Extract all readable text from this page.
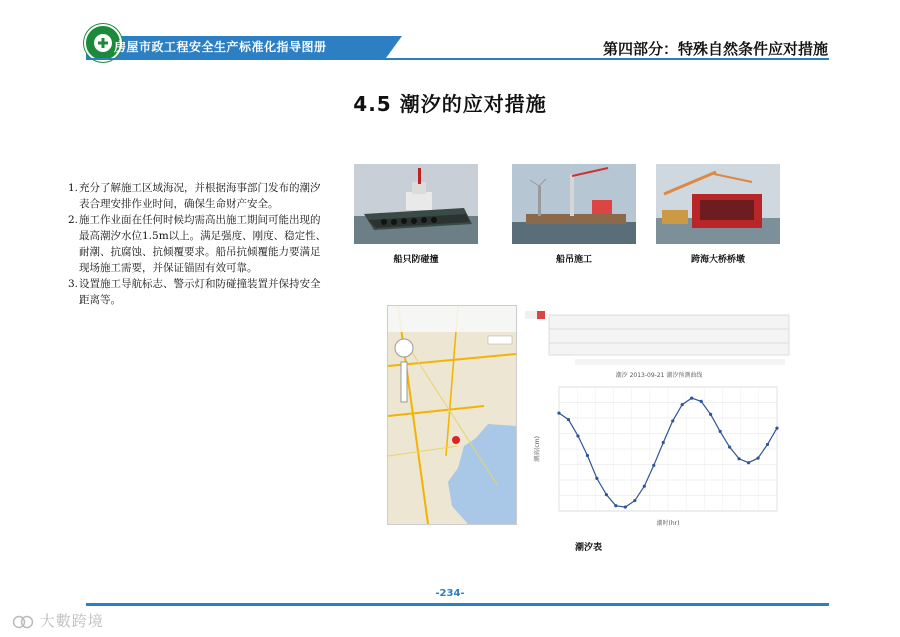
房屋市政工程安全生产标准化指导图册	第四部分：特殊自然条件应对措施
4.5 潮汐的应对措施
1. 充分了解施工区域海况，并根据海事部门发布的潮汐表合理安排作业时间，确保生命财产安全。
2. 施工作业面在任何时候均需高出施工期间可能出现的最高潮汐水位1.5m以上。满足强度、刚度、稳定性、耐潮、抗腐蚀、抗倾覆要求。船吊抗倾覆能力要满足现场施工需要，并保证锚固有效可靠。
3. 设置施工导航标志、警示灯和防碰撞装置并保持安全距离等。
船只防碰撞	船吊施工	跨海大桥桥墩
潮汐 2013-09-21 潮汐预测曲线
潮高(cm)
潮时(hr)
潮汐表
-234-
大數跨境
